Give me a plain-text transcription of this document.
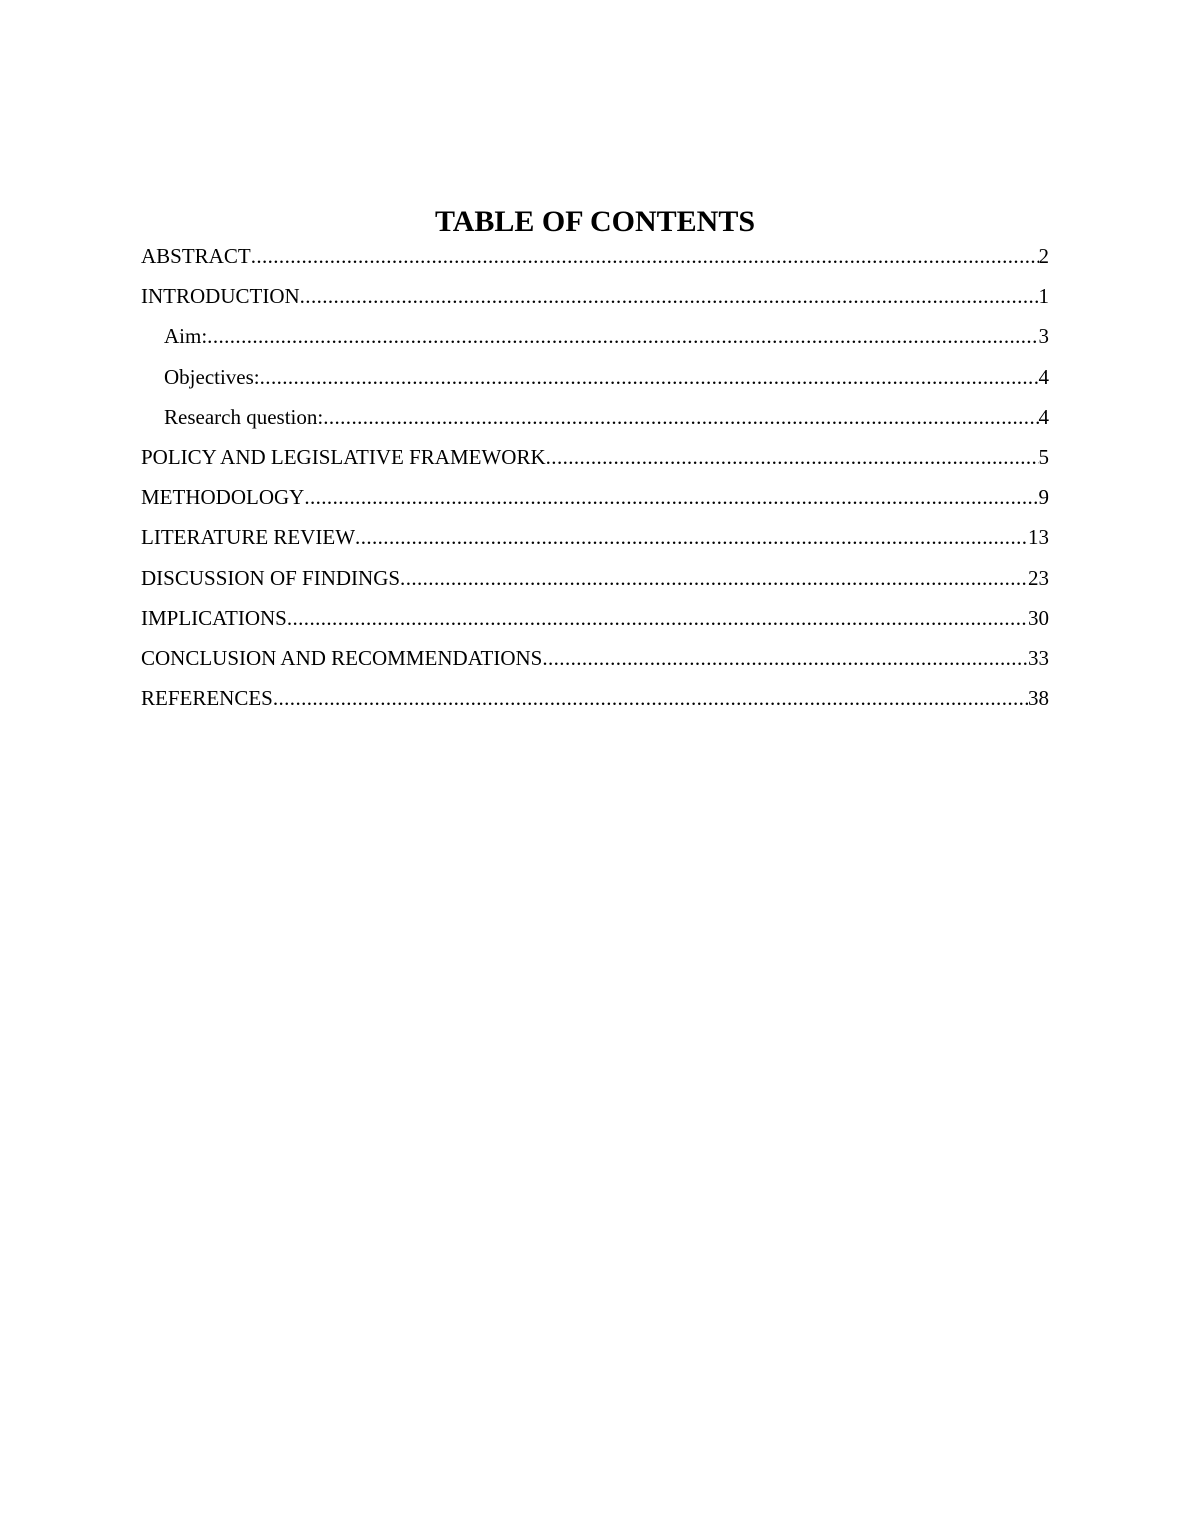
TABLE OF CONTENTS
ABSTRACT .....	2
INTRODUCTION .....	1
Aim: .....	3
Objectives: .....	4
Research question: .....	4
POLICY AND LEGISLATIVE FRAMEWORK .....	5
METHODOLOGY .....	9
LITERATURE REVIEW .....	13
DISCUSSION OF FINDINGS .....	23
IMPLICATIONS .....	30
CONCLUSION AND RECOMMENDATIONS .....	33
REFERENCES .....	38
